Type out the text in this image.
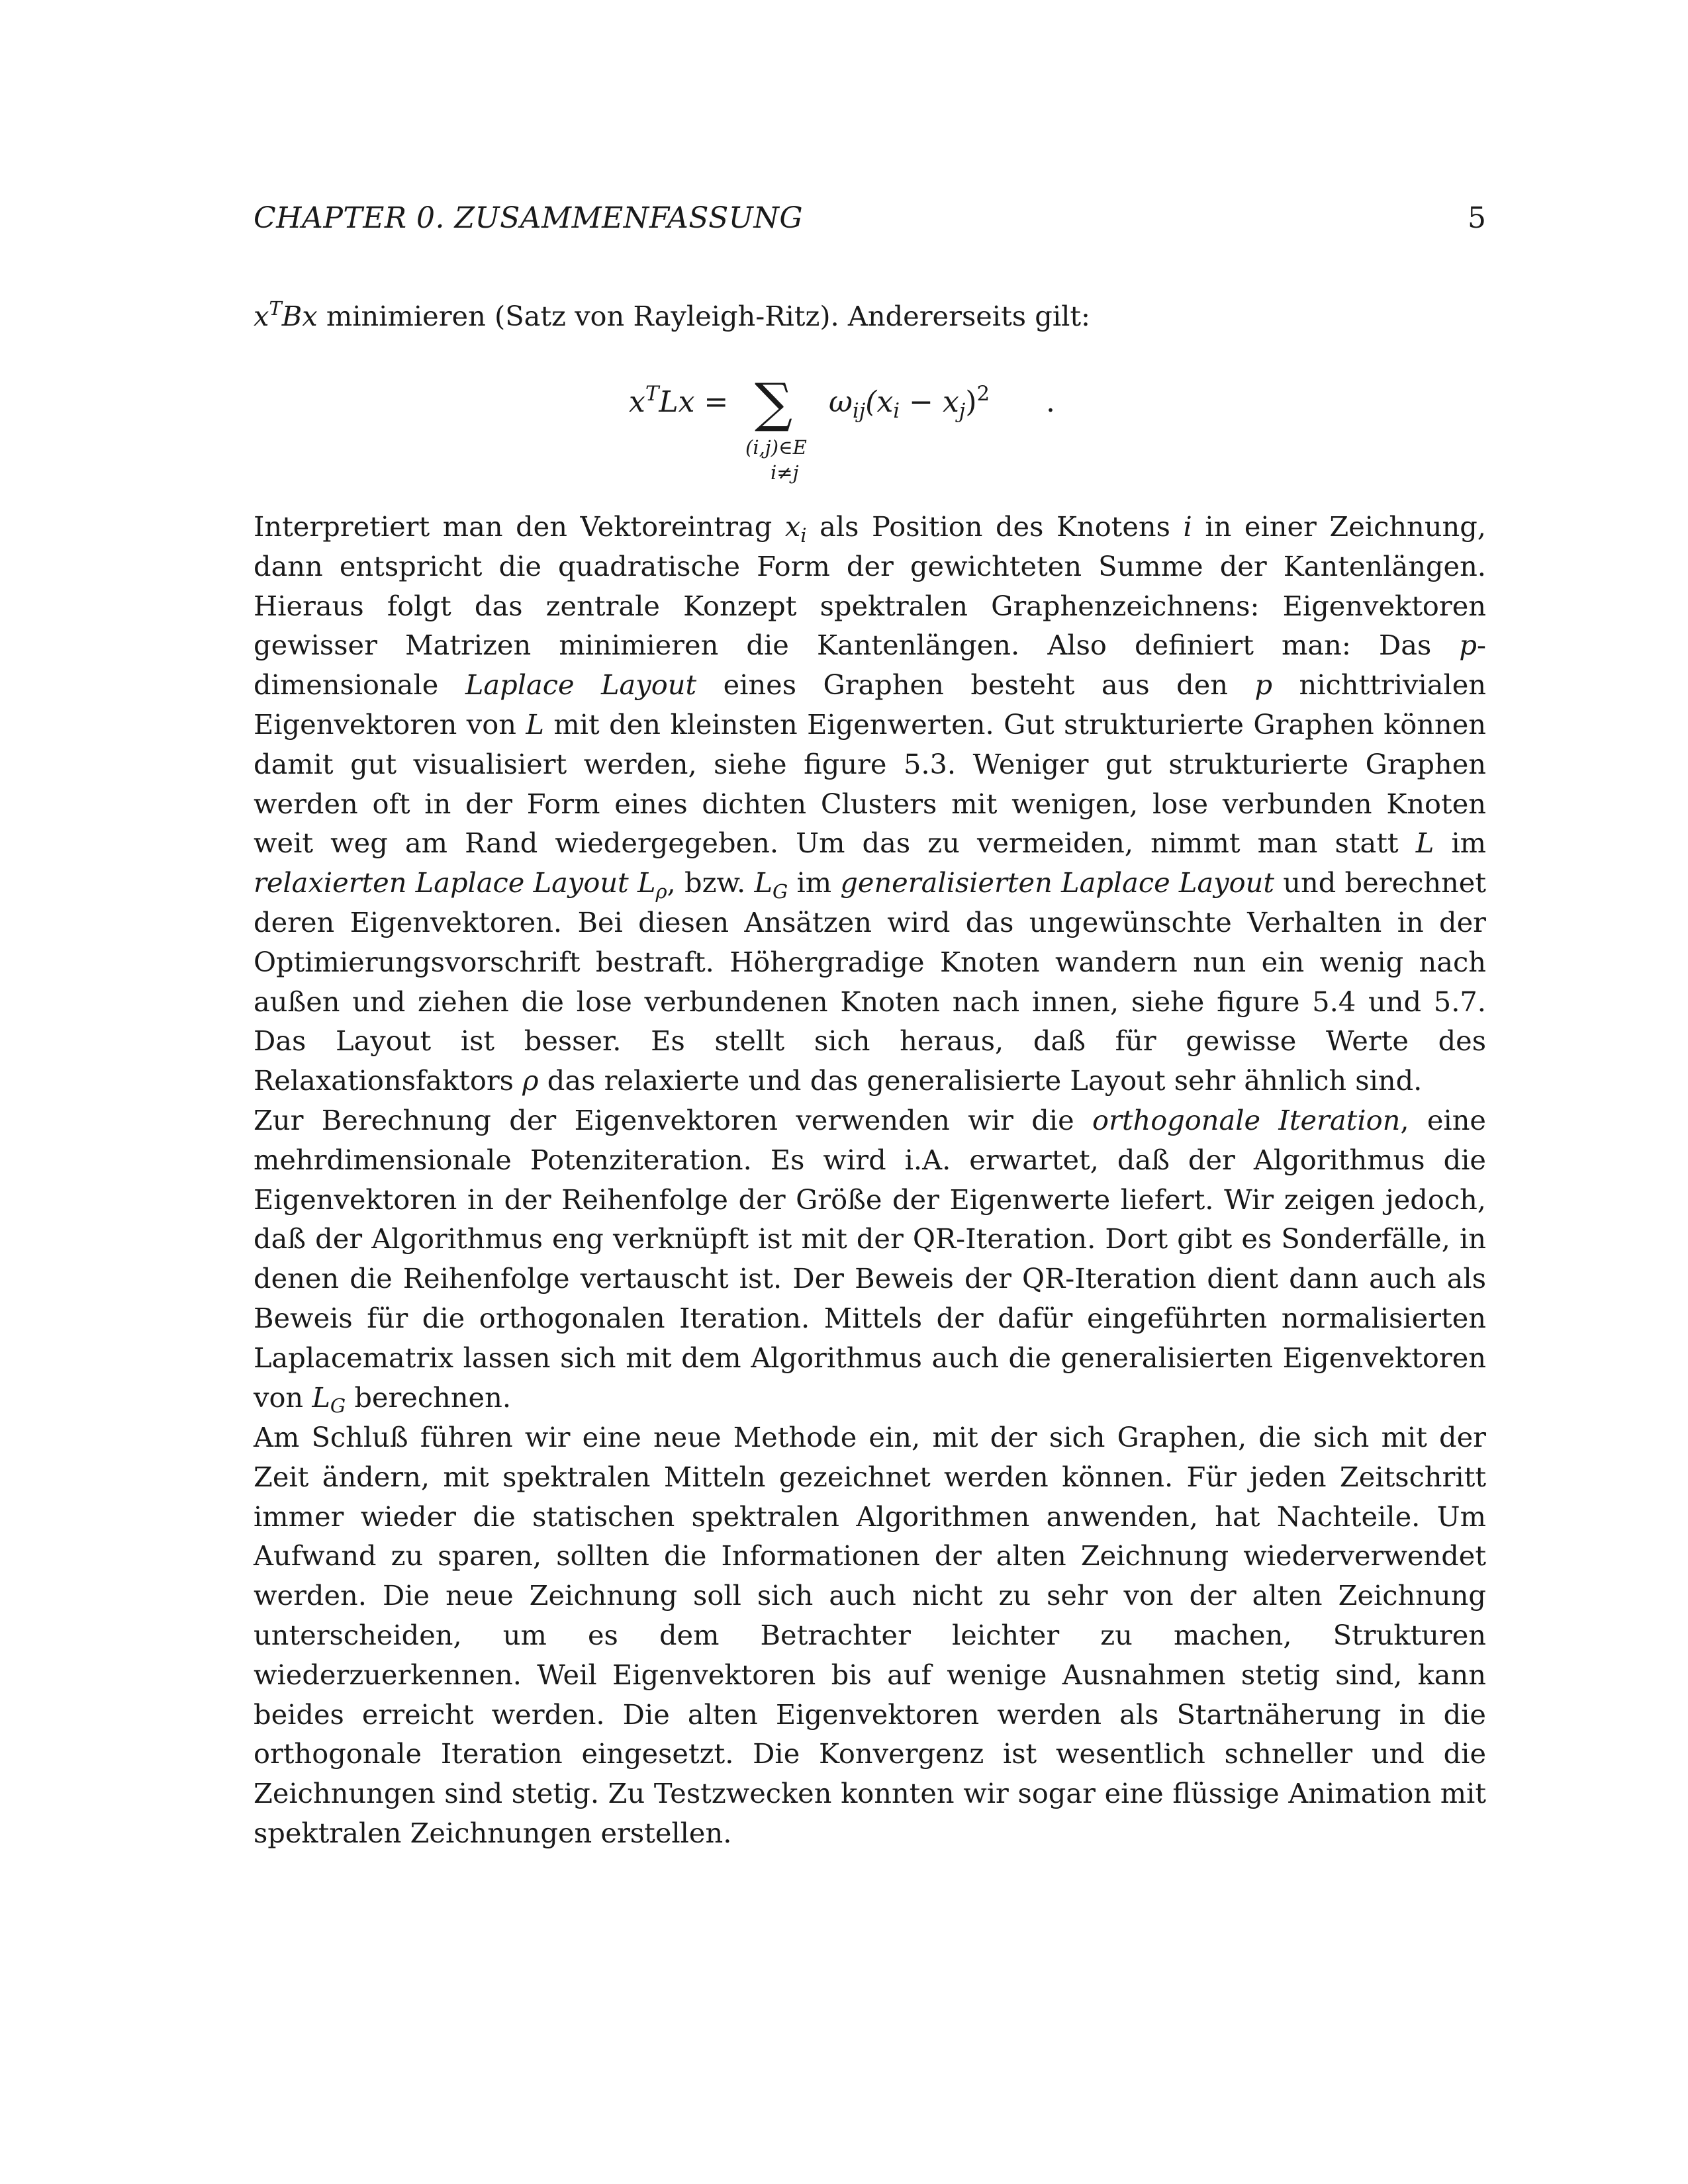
CHAPTER 0. ZUSAMMENFASSUNG	5

$x^TBx$ minimieren (Satz von Rayleigh-Ritz). Andererseits gilt:

$x^TLx$ = ∑ $\omega_{ij}(x_i - x_j)^2$ .
(i,j)∈E
i≠j

Interpretiert man den Vektoreintrag $x_i$ als Position des Knotens i in einer Zeichnung, dann entspricht die quadratische Form der gewichteten Summe der Kantenlängen. Hieraus folgt das zentrale Konzept spektralen Graphenzeichnens: Eigenvektoren gewisser Matrizen minimieren die Kantenlängen. Also definiert man: Das p-dimensionale Laplace Layout eines Graphen besteht aus den p nichttrivialen Eigenvektoren von L mit den kleinsten Eigenwerten. Gut strukturierte Graphen können damit gut visualisiert werden, siehe figure 5.3. Weniger gut strukturierte Graphen werden oft in der Form eines dichten Clusters mit wenigen, lose verbunden Knoten weit weg am Rand wiedergegeben. Um das zu vermeiden, nimmt man statt L im relaxierten Laplace Layout $L_\rho$, bzw. $L_G$ im generalisierten Laplace Layout und berechnet deren Eigenvektoren. Bei diesen Ansätzen wird das ungewünschte Verhalten in der Optimierungsvorschrift bestraft. Höhergradige Knoten wandern nun ein wenig nach außen und ziehen die lose verbundenen Knoten nach innen, siehe figure 5.4 und 5.7. Das Layout ist besser. Es stellt sich heraus, daß für gewisse Werte des Relaxationsfaktors ρ das relaxierte und das generalisierte Layout sehr ähnlich sind.

Zur Berechnung der Eigenvektoren verwenden wir die orthogonale Iteration, eine mehrdimensionale Potenziteration. Es wird i.A. erwartet, daß der Algorithmus die Eigenvektoren in der Reihenfolge der Größe der Eigenwerte liefert. Wir zeigen jedoch, daß der Algorithmus eng verknüpft ist mit der QR-Iteration. Dort gibt es Sonderfälle, in denen die Reihenfolge vertauscht ist. Der Beweis der QR-Iteration dient dann auch als Beweis für die orthogonalen Iteration. Mittels der dafür eingeführten normalisierten Laplacematrix lassen sich mit dem Algorithmus auch die generalisierten Eigenvektoren von $L_G$ berechnen.

Am Schluß führen wir eine neue Methode ein, mit der sich Graphen, die sich mit der Zeit ändern, mit spektralen Mitteln gezeichnet werden können. Für jeden Zeitschritt immer wieder die statischen spektralen Algorithmen anwenden, hat Nachteile. Um Aufwand zu sparen, sollten die Informationen der alten Zeichnung wiederverwendet werden. Die neue Zeichnung soll sich auch nicht zu sehr von der alten Zeichnung unterscheiden, um es dem Betrachter leichter zu machen, Strukturen wiederzuerkennen. Weil Eigenvektoren bis auf wenige Ausnahmen stetig sind, kann beides erreicht werden. Die alten Eigenvektoren werden als Startnäherung in die orthogonale Iteration eingesetzt. Die Konvergenz ist wesentlich schneller und die Zeichnungen sind stetig. Zu Testzwecken konnten wir sogar eine flüssige Animation mit spektralen Zeichnungen erstellen.
